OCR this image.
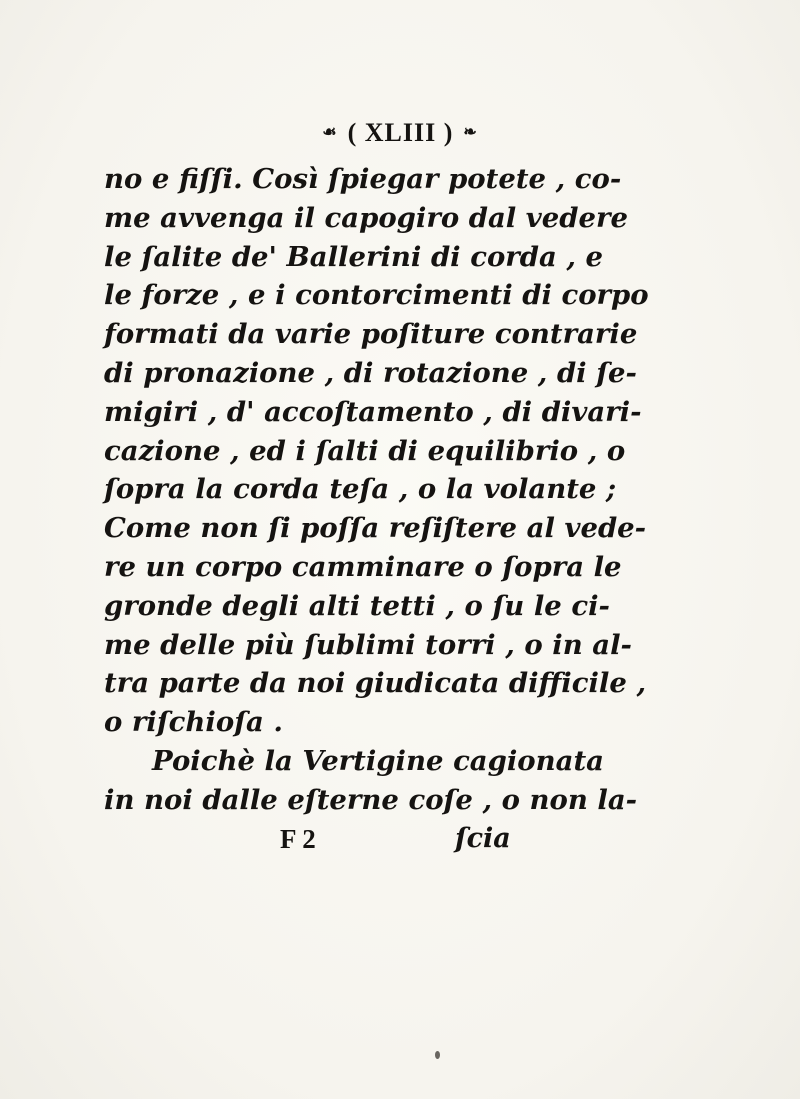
☙ ( XLIII ) ❧
no e fiſſi. Così ſpiegar potete , co-
me avvenga il capogiro dal vedere
le ſalite de' Ballerini di corda , e
le forze , e i contorcimenti di corpo
formati da varie poſiture contrarie
di pronazione , di rotazione , di ſe-
migiri , d' accoſtamento , di divari-
cazione , ed i ſalti di equilibrio , o
ſopra la corda teſa , o la volante ;
Come non ſi poſſa reſiſtere al vede-
re un corpo camminare o ſopra le
gronde degli alti tetti , o ſu le ci-
me delle più ſublimi torri , o in al-
tra parte da noi giudicata difficile ,
o riſchioſa .
Poichè la Vertigine cagionata
in noi dalle eſterne coſe , o non la-
F 2	ſcia
